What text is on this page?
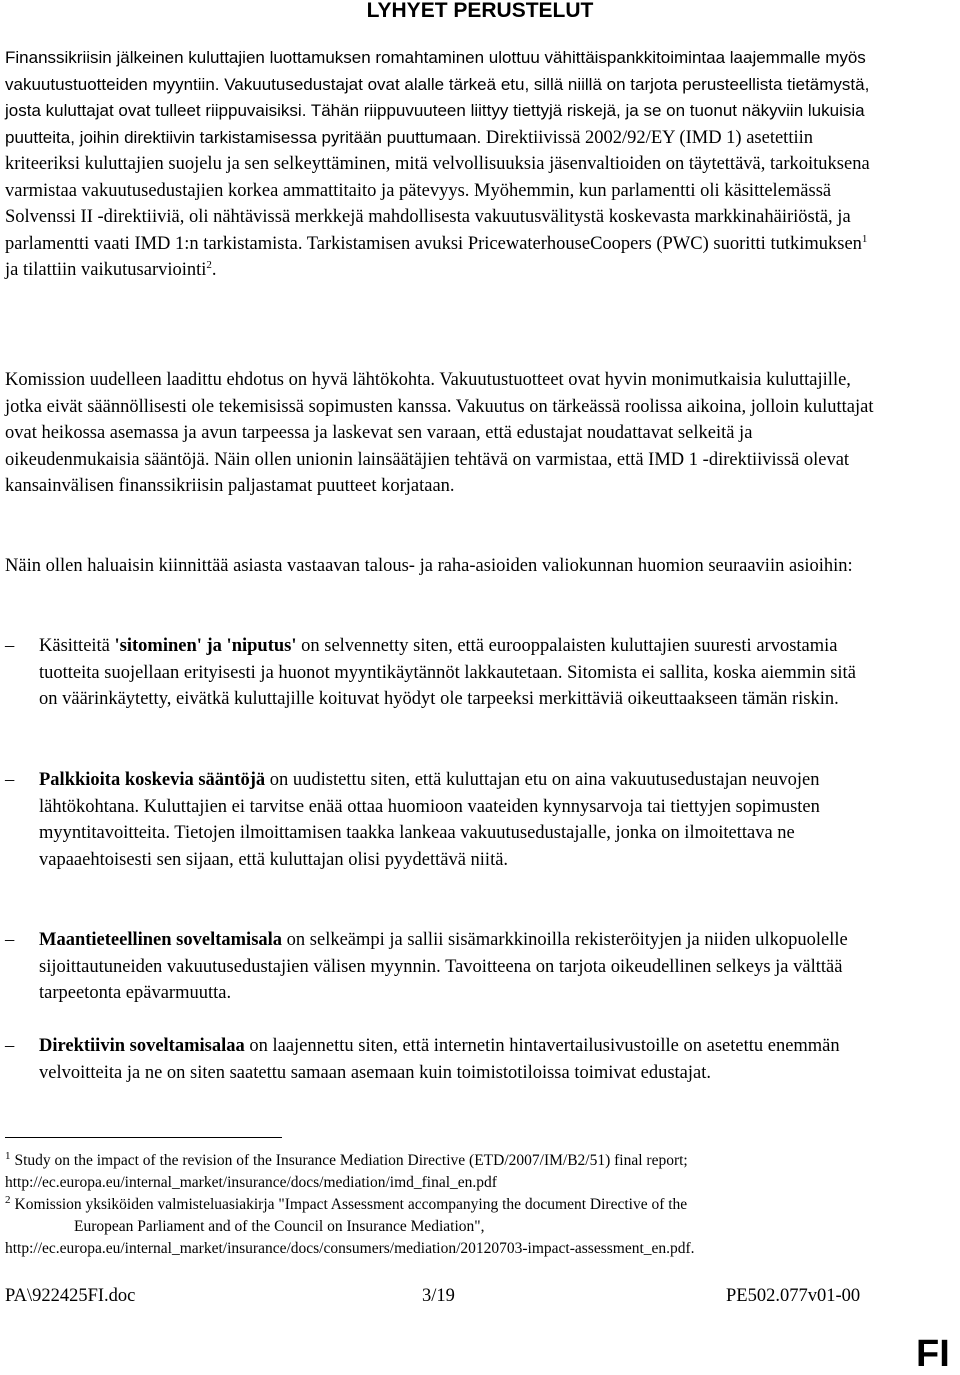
LYHYET PERUSTELUT

Finanssikriisin jälkeinen kuluttajien luottamuksen romahtaminen ulottuu vähittäispankkitoimintaa laajemmalle myös vakuutustuotteiden myyntiin. Vakuutusedustajat ovat alalle tärkeä etu, sillä niillä on tarjota perusteellista tietämystä, josta kuluttajat ovat tulleet riippuvaisiksi. Tähän riippuvuuteen liittyy tiettyjä riskejä, ja se on tuonut näkyviin lukuisia puutteita, joihin direktiivin tarkistamisessa pyritään puuttumaan. Direktiivissä 2002/92/EY (IMD 1) asetettiin kriteeriksi kuluttajien suojelu ja sen selkeyttäminen, mitä velvollisuuksia jäsenvaltioiden on täytettävä, tarkoituksena varmistaa vakuutusedustajien korkea ammattitaito ja pätevyys. Myöhemmin, kun parlamentti oli käsittelemässä Solvenssi II -direktiiviä, oli nähtävissä merkkejä mahdollisesta vakuutusvälitystä koskevasta markkinahäiriöstä, ja parlamentti vaati IMD 1:n tarkistamista. Tarkistamisen avuksi PricewaterhouseCoopers (PWC) suoritti tutkimuksen$^1$ ja tilattiin vaikutusarviointi$^2$.

Komission uudelleen laadittu ehdotus on hyvä lähtökohta. Vakuutustuotteet ovat hyvin monimutkaisia kuluttajille, jotka eivät säännöllisesti ole tekemisissä sopimusten kanssa. Vakuutus on tärkeässä roolissa aikoina, jolloin kuluttajat ovat heikossa asemassa ja avun tarpeessa ja laskevat sen varaan, että edustajat noudattavat selkeitä ja oikeudenmukaisia sääntöjä. Näin ollen unionin lainsäätäjien tehtävä on varmistaa, että IMD 1 -direktiivissä olevat kansainvälisen finanssikriisin paljastamat puutteet korjataan.

Näin ollen haluaisin kiinnittää asiasta vastaavan talous- ja raha-asioiden valiokunnan huomion seuraaviin asioihin:

–	Käsitteitä 'sitominen' ja 'niputus' on selvennetty siten, että eurooppalaisten kuluttajien suuresti arvostamia tuotteita suojellaan erityisesti ja huonot myyntikäytännöt lakkautetaan. Sitomista ei sallita, koska aiemmin sitä on väärinkäytetty, eivätkä kuluttajille koituvat hyödyt ole tarpeeksi merkittäviä oikeuttaakseen tämän riskin.
–	Palkkioita koskevia sääntöjä on uudistettu siten, että kuluttajan etu on aina vakuutusedustajan neuvojen lähtökohtana. Kuluttajien ei tarvitse enää ottaa huomioon vaateiden kynnysarvoja tai tiettyjen sopimusten myyntitavoitteita. Tietojen ilmoittamisen taakka lankeaa vakuutusedustajalle, jonka on ilmoitettava ne vapaaehtoisesti sen sijaan, että kuluttajan olisi pyydettävä niitä.
–	Maantieteellinen soveltamisala on selkeämpi ja sallii sisämarkkinoilla rekisteröityjen ja niiden ulkopuolelle sijoittautuneiden vakuutusedustajien välisen myynnin. Tavoitteena on tarjota oikeudellinen selkeys ja välttää tarpeetonta epävarmuutta.
–	Direktiivin soveltamisalaa on laajennettu siten, että internetin hintavertailusivustoille on asetettu enemmän velvoitteita ja ne on siten saatettu samaan asemaan kuin toimistotiloissa toimivat edustajat.
$^1$ Study on the impact of the revision of the Insurance Mediation Directive (ETD/2007/IM/B2/51) final report;
http://ec.europa.eu/internal_market/insurance/docs/mediation/imd_final_en.pdf
$^2$ Komission yksiköiden valmisteluasiakirja "Impact Assessment accompanying the document Directive of the
European Parliament and of the Council on Insurance Mediation",
http://ec.europa.eu/internal_market/insurance/docs/consumers/mediation/20120703-impact-assessment_en.pdf.
PA\922425FI.doc	3/19	PE502.077v01-00
FI
